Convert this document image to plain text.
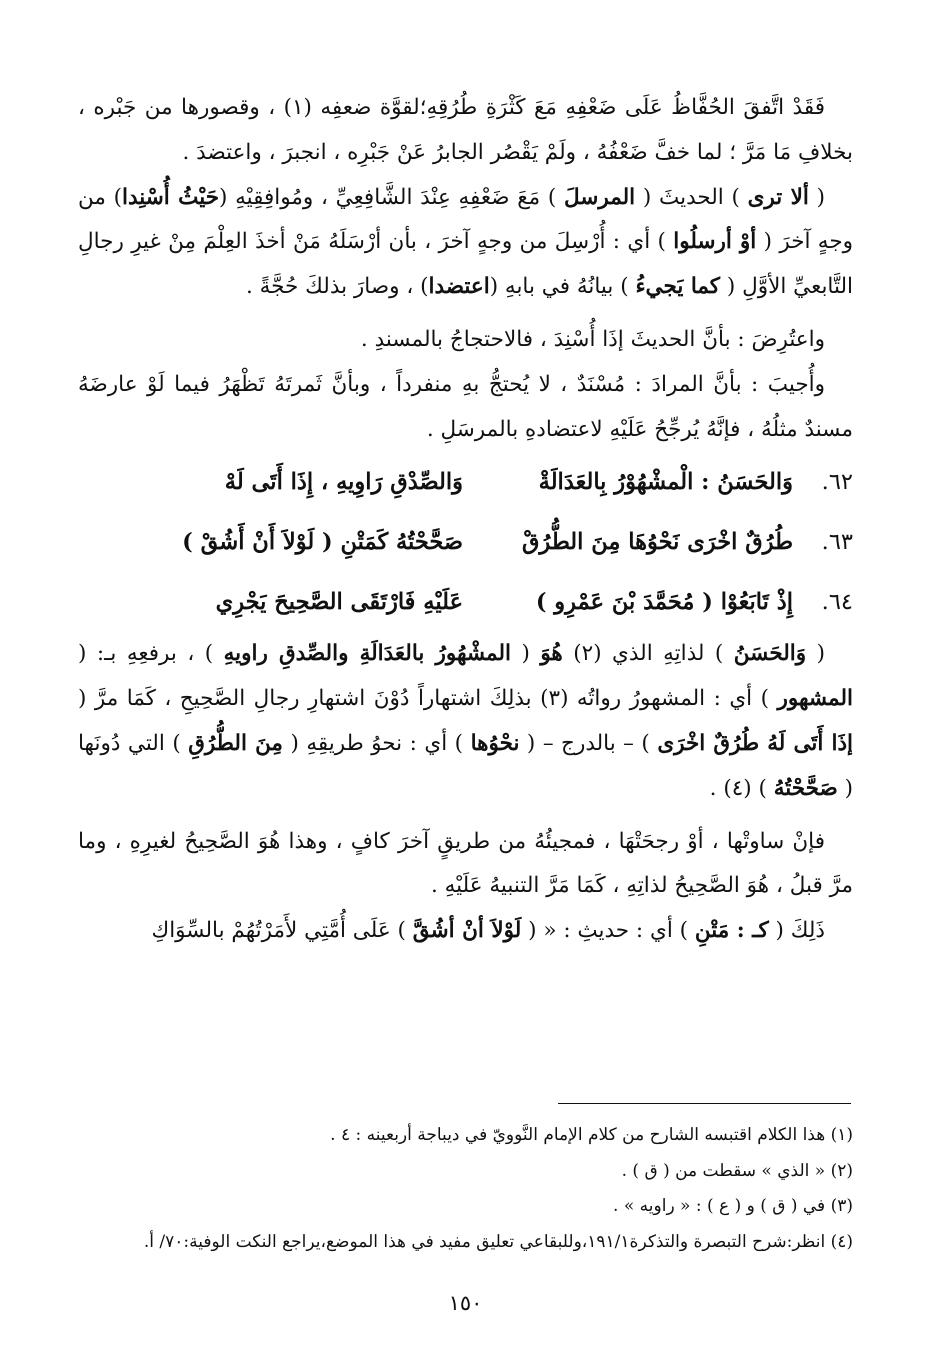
فَقَدْ اتَّفقَ الحُفَّاظُ عَلَى ضَعْفِهِ مَعَ كَثْرَةِ طُرُقِهِ؛لقوَّة ضعفِه (١) ، وقصورها من جَبْره ، بخلافِ مَا مَرَّ ؛ لما خفَّ ضَعْفُهُ ، ولَمْ يَقْصُر الجابرُ عَنْ جَبْرِه ، انجبرَ ، واعتضدَ .

( ألا ترى ) الحديثَ ( المرسلَ ) مَعَ ضَعْفِهِ عِنْدَ الشَّافِعِيِّ ، ومُوافِقِيْهِ (حَيْثُ أُسْنِدا) من وجهٍ آخرَ ( أوْ أرسلُوا ) أي : أُرْسِلَ من وجهٍ آخرَ ، بأن أرْسَلَهُ مَنْ أخذَ العِلْمَ مِنْ غيرِ رجالِ التَّابعيِّ الأوَّلِ ( كما يَجيءُ ) بيانُهُ في بابهِ (اعتضدا) ، وصارَ بذلكَ حُجَّةً .

واعتُرِضَ : بأنَّ الحديثَ إذَا أُسْنِدَ ، فالاحتجاجُ بالمسندِ .

وأُجيبَ : بأنَّ المرادَ : مُسْنَدٌ ، لا يُحتجُّ بهِ منفرداً ، وبأنَّ ثَمرتَهُ تَظْهَرُ فيما لَوْ عارضَهُ مسندٌ مثلُهُ ، فإنَّهُ يُرجِّحُ عَلَيْهِ لاعتضادهِ بالمرسَلِ .

٦٢.
وَالحَسَنُ : الْمشْهُوْرُ بِالعَدَالَةْ
وَالصِّدْقِ رَاوِيهِ ، إِذَا أَتَى لَهْ
٦٣.
طُرُقٌ اخْرَى نَحْوُهَا مِنَ الطُّرُقْ
صَحَّحْتُهُ كَمَتْنِ ( لَوْلاَ أَنْ أَشُقْ )
٦٤.
إِذْ تَابَعُوْا ( مُحَمَّدَ بْنَ عَمْرِو )
عَلَيْهِ فَارْتَقَى الصَّحِيحَ يَجْرِي

( وَالحَسَنُ ) لذاتِهِ الذي (٢) هُوَ ( المشْهُورُ بالعَدَالَةِ والصِّدقِ راويهِ ) ، برفعِهِ بـ: ( المشهور ) أي : المشهورُ رواتُه (٣) بذلِكَ اشتهاراً دُوْنَ اشتهارِ رجالِ الصَّحِيحِ ، كَمَا مرَّ ( إذَا أَتَى لَهُ طُرُقٌ اخْرَى ) – بالدرج – ( نحْوُها ) أي : نحوُ طريقِهِ ( مِنَ الطُّرُقِ ) التي دُونَها ( صَحَّحْتُهُ ) (٤) .

فإنْ ساوتْها ، أوْ رجحَتْهَا ، فمجيئُهُ من طريقٍ آخرَ كافٍ ، وهذا هُوَ الصَّحِيحُ لغيرِهِ ، وما مرَّ قبلُ ، هُوَ الصَّحِيحُ لذاتِهِ ، كَمَا مَرَّ التنبيهُ عَلَيْهِ .

ذَلِكَ ( كـ : مَتْنِ ) أي : حديثِ : « ( لَوْلاَ أنْ أشُقَّ ) عَلَى أُمَّتِي لأَمَرْتُهُمْ بالسِّوَاكِ

(١) هذا الكلام اقتبسه الشارح من كلام الإمام النَّوويّ في ديباجة أربعينه : ٤ .

(٢) « الذي » سقطت من ( ق ) .

(٣) في ( ق ) و ( ع ) : « راويه » .

(٤) انظر:شرح التبصرة والتذكرة١٩١/١،وللبقاعي تعليق مفيد في هذا الموضع،يراجع النكت الوفية:٧٠/ أ.

١٥٠
